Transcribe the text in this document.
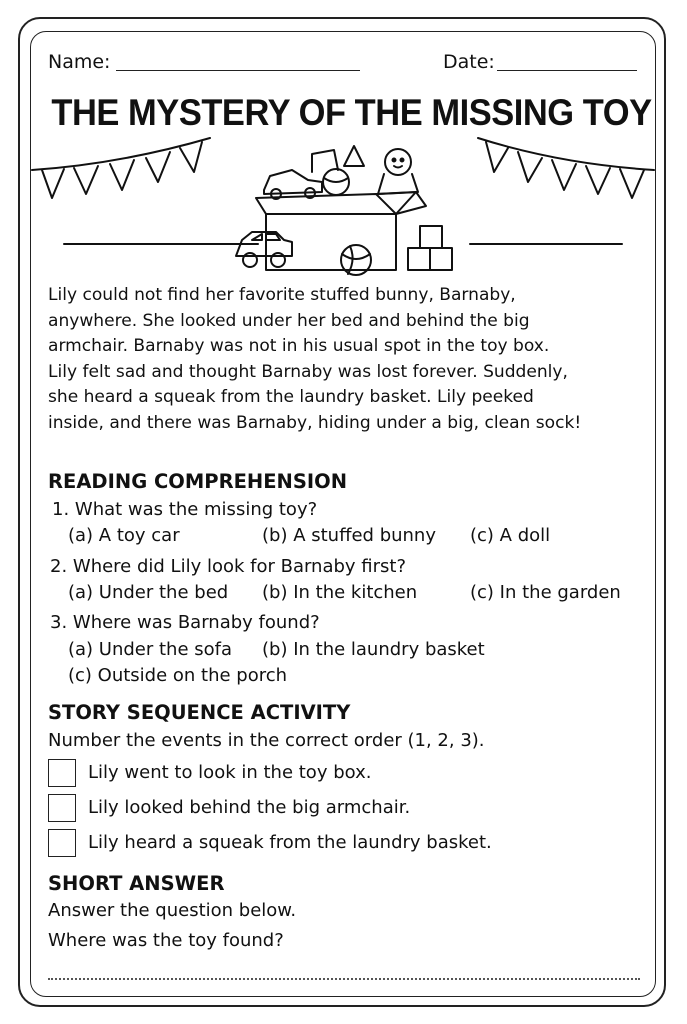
Name:	Date:
THE MYSTERY OF THE MISSING TOY

Lily could not find her favorite stuffed bunny, Barnaby,

anywhere. She looked under her bed and behind the big

armchair. Barnaby was not in his usual spot in the toy box.

Lily felt sad and thought Barnaby was lost forever. Suddenly,

she heard a squeak from the laundry basket. Lily peeked

inside, and there was Barnaby, hiding under a big, clean sock!

READING COMPREHENSION
1. What was the missing toy?
(a) A toy car	(b) A stuffed bunny (c) A doll
2. Where did Lily look for Barnaby first?
(a) Under the bed (b) In the kitchen	(c) In the garden
3. Where was Barnaby found?
(a) Under the sofa (b) In the laundry basket
(c) Outside on the porch
STORY SEQUENCE ACTIVITY
Number the events in the correct order (1, 2, 3).
Lily went to look in the toy box.
Lily looked behind the big armchair.
Lily heard a squeak from the laundry basket.
SHORT ANSWER
Answer the question below.
Where was the toy found?
